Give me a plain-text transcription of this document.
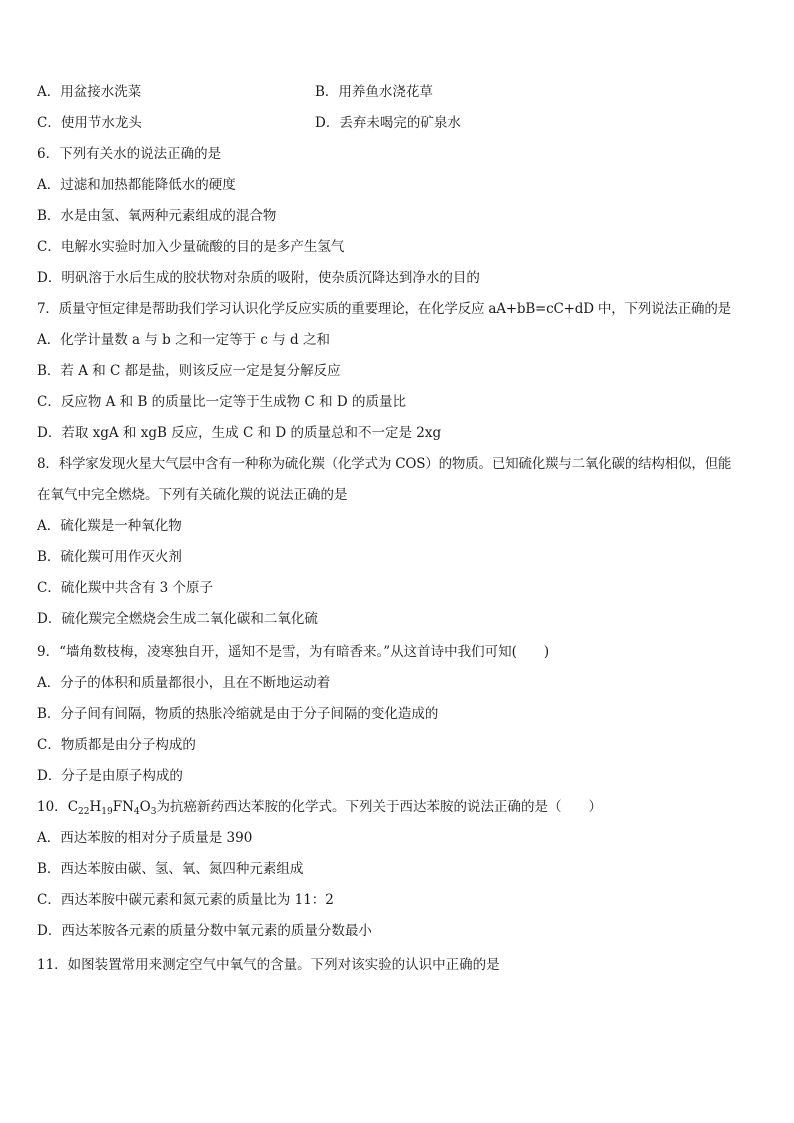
A．用盆接水洗菜	B．用养鱼水浇花草
C．使用节水龙头	D．丢弃未喝完的矿泉水
6．下列有关水的说法正确的是
A．过滤和加热都能降低水的硬度
B．水是由氢、氧两种元素组成的混合物
C．电解水实验时加入少量硫酸的目的是多产生氢气
D．明矾溶于水后生成的胶状物对杂质的吸附，使杂质沉降达到净水的目的
7．质量守恒定律是帮助我们学习认识化学反应实质的重要理论，在化学反应 aA+bB=cC+dD 中，下列说法正确的是
A．化学计量数 a 与 b 之和一定等于 c 与 d 之和
B．若 A 和 C 都是盐，则该反应一定是复分解反应
C．反应物 A 和 B 的质量比一定等于生成物 C 和 D 的质量比
D．若取 xgA 和 xgB 反应，生成 C 和 D 的质量总和不一定是 2xg
8．科学家发现火星大气层中含有一种称为硫化羰（化学式为 COS）的物质。已知硫化羰与二氧化碳的结构相似，但能
在氧气中完全燃烧。下列有关硫化羰的说法正确的是
A．硫化羰是一种氧化物
B．硫化羰可用作灭火剂
C．硫化羰中共含有 3 个原子
D．硫化羰完全燃烧会生成二氧化碳和二氧化硫
9．“墙角数枝梅，凌寒独自开，遥知不是雪，为有暗香来。”从这首诗中我们可知(　　)
A．分子的体积和质量都很小，且在不断地运动着
B．分子间有间隔，物质的热胀冷缩就是由于分子间隔的变化造成的
C．物质都是由分子构成的
D．分子是由原子构成的
10．$C_{22}H_{19}FN_4O_3$为抗癌新药西达苯胺的化学式。下列关于西达苯胺的说法正确的是（　　）
A．西达苯胺的相对分子质量是 390
B．西达苯胺由碳、氢、氧、氮四种元素组成
C．西达苯胺中碳元素和氮元素的质量比为 11：2
D．西达苯胺各元素的质量分数中氧元素的质量分数最小
11．如图装置常用来测定空气中氧气的含量。下列对该实验的认识中正确的是
